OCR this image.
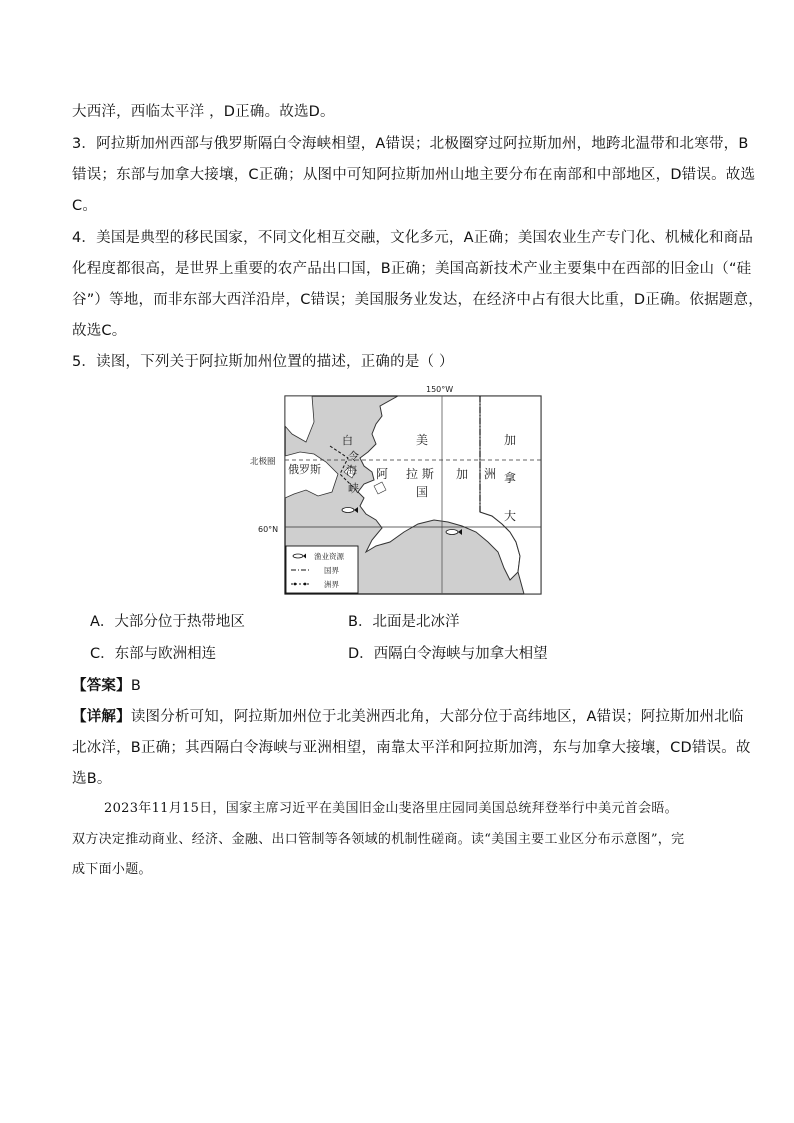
大西洋，西临太平洋 ，D正确。故选D。
3．阿拉斯加州西部与俄罗斯隔白令海峡相望，A错误；北极圈穿过阿拉斯加州，地跨北温带和北寒带，B
错误；东部与加拿大接壤，C正确；从图中可知阿拉斯加州山地主要分布在南部和中部地区，D错误。故选
C。
4．美国是典型的移民国家，不同文化相互交融，文化多元，A正确；美国农业生产专门化、机械化和商品
化程度都很高，是世界上重要的农产品出口国，B正确；美国高新技术产业主要集中在西部的旧金山（“硅
谷”）等地，而非东部大西洋沿岸，C错误；美国服务业发达，在经济中占有很大比重，D正确。依据题意，
故选C。
5．读图，下列关于阿拉斯加州位置的描述，正确的是（ ）
150°W
北极圈
60°N
俄罗斯
白
令
海
峡
美
阿 拉 斯
国
加 洲
加
拿
大
渔业资源
国界
洲界
A．大部分位于热带地区	B．北面是北冰洋
C．东部与欧洲相连	D．西隔白令海峡与加拿大相望
【答案】B
【详解】读图分析可知，阿拉斯加州位于北美洲西北角，大部分位于高纬地区，A错误；阿拉斯加州北临
北冰洋，B正确；其西隔白令海峡与亚洲相望，南靠太平洋和阿拉斯加湾，东与加拿大接壤，CD错误。故
选B。
2023年11月15日，国家主席习近平在美国旧金山斐洛里庄园同美国总统拜登举行中美元首会晤。
双方决定推动商业、经济、金融、出口管制等各领域的机制性磋商。读“美国主要工业区分布示意图”，完
成下面小题。
